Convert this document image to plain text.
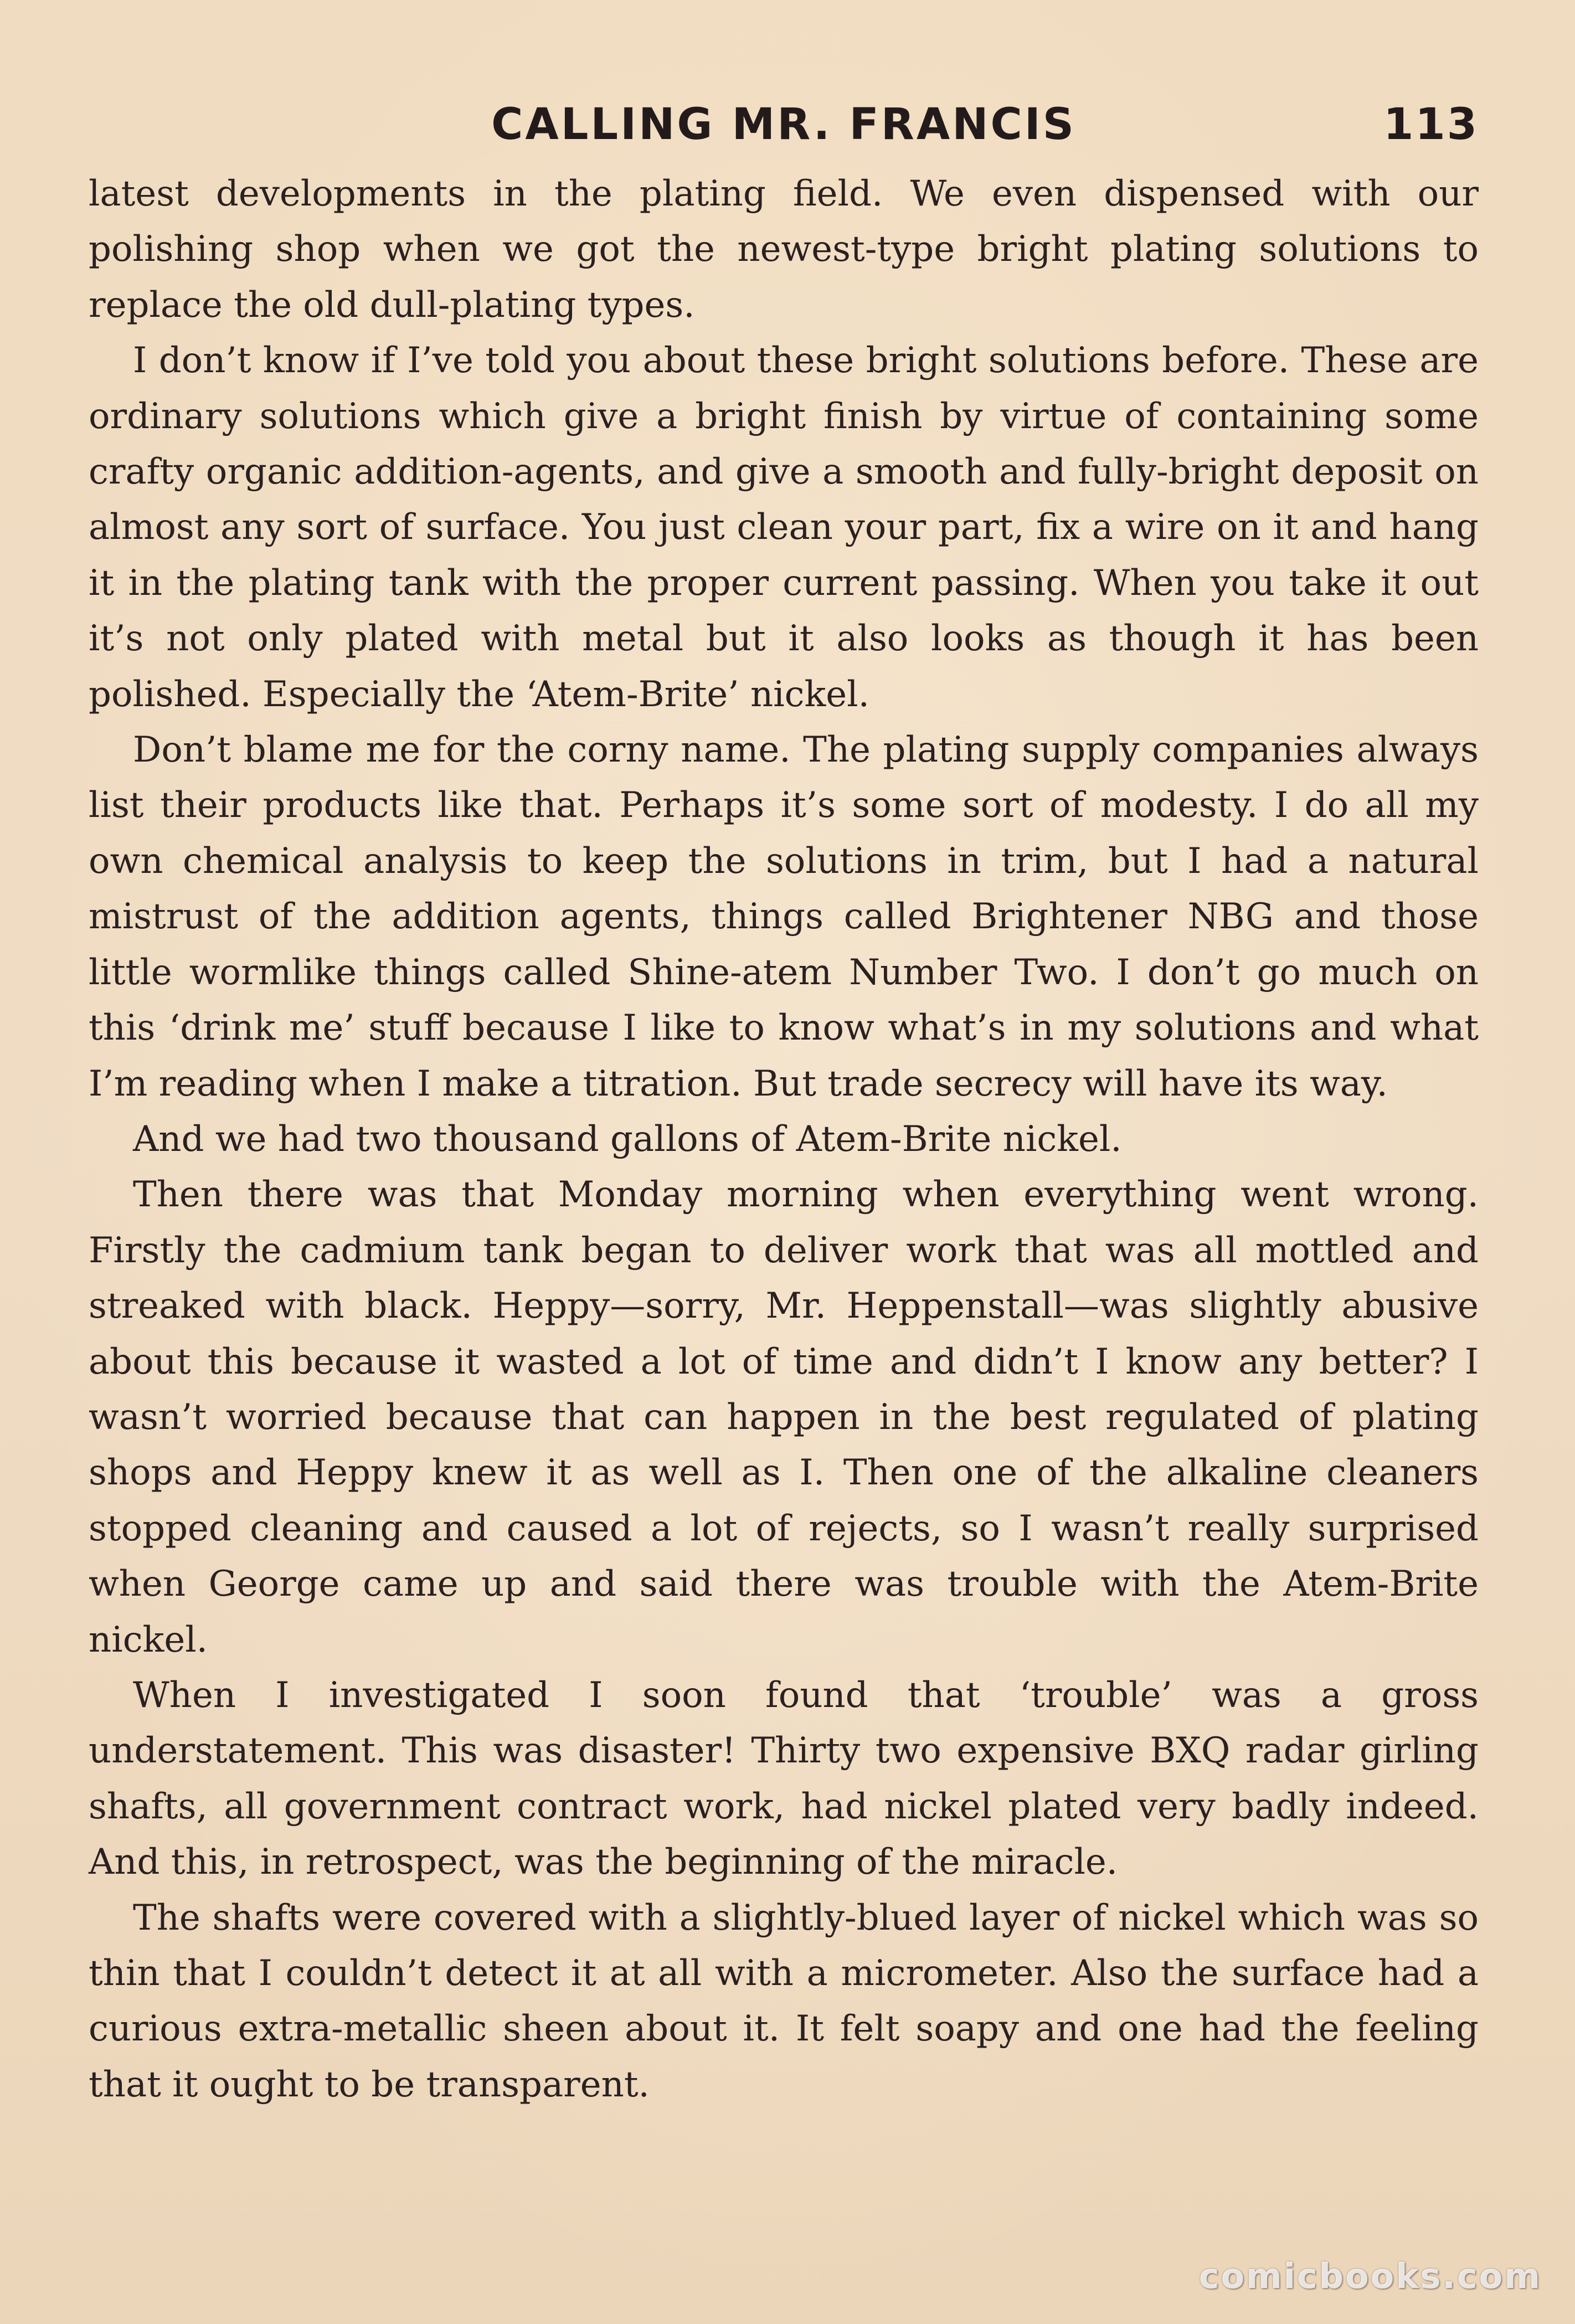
CALLING MR. FRANCIS	113

latest developments in the plating field. We even dispensed with our polishing shop when we got the newest-type bright plating solutions to replace the old dull-plating types.

I don’t know if I’ve told you about these bright solutions before. These are ordinary solutions which give a bright finish by virtue of containing some crafty organic addition-agents, and give a smooth and fully-bright deposit on almost any sort of surface. You just clean your part, fix a wire on it and hang it in the plating tank with the proper current passing. When you take it out it’s not only plated with metal but it also looks as though it has been polished. Especially the ‘Atem-Brite’ nickel.

Don’t blame me for the corny name. The plating supply companies always list their products like that. Perhaps it’s some sort of modesty. I do all my own chemical analysis to keep the solutions in trim, but I had a natural mistrust of the addition agents, things called Brightener NBG and those little wormlike things called Shine-atem Number Two. I don’t go much on this ‘drink me’ stuff because I like to know what’s in my solutions and what I’m reading when I make a titration. But trade secrecy will have its way.

And we had two thousand gallons of Atem-Brite nickel.

Then there was that Monday morning when everything went wrong. Firstly the cadmium tank began to deliver work that was all mottled and streaked with black. Heppy—sorry, Mr. Heppenstall—was slightly abusive about this because it wasted a lot of time and didn’t I know any better? I wasn’t worried because that can happen in the best regulated of plating shops and Heppy knew it as well as I. Then one of the alkaline cleaners stopped cleaning and caused a lot of rejects, so I wasn’t really surprised when George came up and said there was trouble with the Atem-Brite nickel.

When I investigated I soon found that ‘trouble’ was a gross understatement. This was disaster! Thirty two expensive BXQ radar girling shafts, all government contract work, had nickel plated very badly indeed. And this, in retrospect, was the beginning of the miracle.

The shafts were covered with a slightly-blued layer of nickel which was so thin that I couldn’t detect it at all with a micrometer. Also the surface had a curious extra-metallic sheen about it. It felt soapy and one had the feeling that it ought to be transparent.

comicbooks.com
